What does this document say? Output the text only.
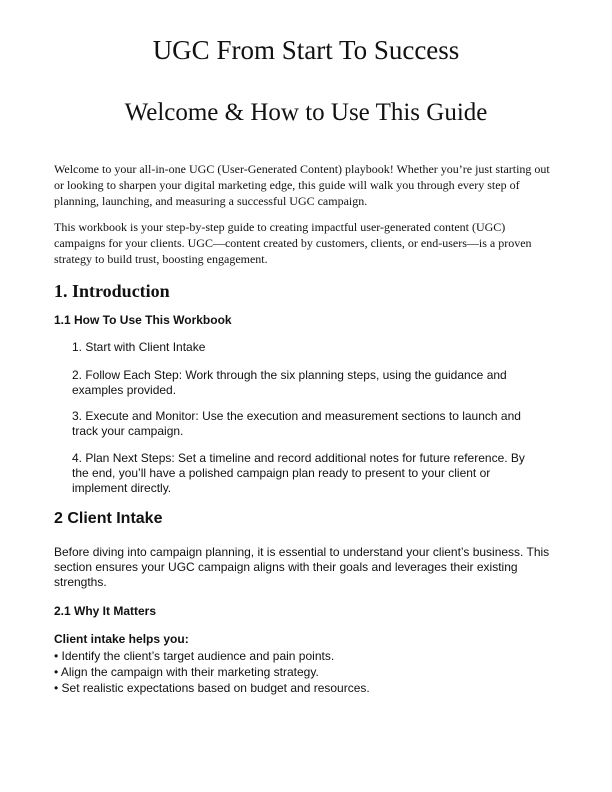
UGC From Start To Success
Welcome & How to Use This Guide
Welcome to your all-in-one UGC (User-Generated Content) playbook! Whether you’re just starting out or looking to sharpen your digital marketing edge, this guide will walk you through every step of planning, launching, and measuring a successful UGC campaign.
This workbook is your step-by-step guide to creating impactful user-generated content (UGC) campaigns for your clients. UGC—content created by customers, clients, or end-users—is a proven strategy to build trust, boosting engagement.
1. Introduction
1.1 How To Use This Workbook
1. Start with Client Intake
2. Follow Each Step: Work through the six planning steps, using the guidance and examples provided.
3. Execute and Monitor: Use the execution and measurement sections to launch and track your campaign.
4. Plan Next Steps: Set a timeline and record additional notes for future reference. By the end, you’ll have a polished campaign plan ready to present to your client or implement directly.
2 Client Intake
Before diving into campaign planning, it is essential to understand your client’s business. This section ensures your UGC campaign aligns with their goals and leverages their existing strengths.
2.1 Why It Matters
Client intake helps you:
• Identify the client’s target audience and pain points.
• Align the campaign with their marketing strategy.
• Set realistic expectations based on budget and resources.
